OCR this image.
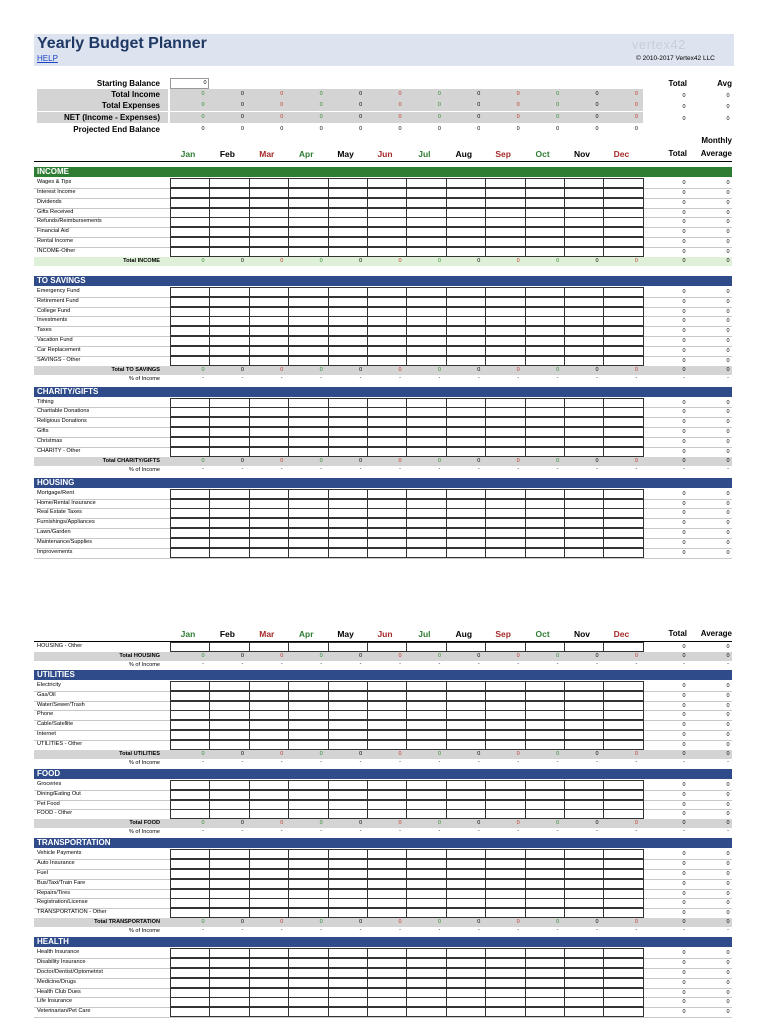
Yearly Budget Planner
HELP
vertex42
© 2010-2017 Vertex42 LLC
Total	Avg
Starting Balance	0
Total Income	0	0	0	0	0	0	0	0	0	0	0	0	0	0
Total Expenses	0	0	0	0	0	0	0	0	0	0	0	0	0	0
NET (Income - Expenses)	0	0	0	0	0	0	0	0	0	0	0	0	0	0
Projected End Balance	0	0	0	0	0	0	0	0	0	0	0	0
Jan	Feb	Mar	Apr	May	Jun	Jul	Aug	Sep	Oct	Nov	Dec	Total
Monthly
Average
INCOME
Wages & Tips	0	0
Interest Income	0	0
Dividends	0	0
Gifts Received	0	0
Refunds/Reimbursements	0	0
Financial Aid	0	0
Rental Income	0	0
INCOME-Other	0	0
Total INCOME	0	0	0	0	0	0	0	0	0	0	0	0	0	0
TO SAVINGS
Emergency Fund	0	0
Retirement Fund	0	0
College Fund	0	0
Investments	0	0
Taxes	0	0
Vacation Fund	0	0
Car Replacement	0	0
SAVINGS - Other	0	0
Total TO SAVINGS	0	0	0	0	0	0	0	0	0	0	0	0	0	0
% of Income	-	-	-	-	-	-	-	-	-	-	-	-	-	-
CHARITY/GIFTS
Tithing	0	0
Charitable Donations	0	0
Religious Donations	0	0
Gifts	0	0
Christmas	0	0
CHARITY - Other	0	0
Total CHARITY/GIFTS	0	0	0	0	0	0	0	0	0	0	0	0	0	0
% of Income	-	-	-	-	-	-	-	-	-	-	-	-	-	-
HOUSING
Mortgage/Rent	0	0
Home/Rental Insurance	0	0
Real Estate Taxes	0	0
Furnishings/Appliances	0	0
Lawn/Garden	0	0
Maintenance/Supplies	0	0
Improvements	0	0
Jan	Feb	Mar	Apr	May	Jun	Jul	Aug	Sep	Oct	Nov	Dec	Total	Average
HOUSING - Other	0	0
Total HOUSING	0	0	0	0	0	0	0	0	0	0	0	0	0	0
% of Income	-	-	-	-	-	-	-	-	-	-	-	-	-	-
UTILITIES
Electricity	0	0
Gas/Oil	0	0
Water/Sewer/Trash	0	0
Phone	0	0
Cable/Satellite	0	0
Internet	0	0
UTILITIES - Other	0	0
Total UTILITIES	0	0	0	0	0	0	0	0	0	0	0	0	0	0
% of Income	-	-	-	-	-	-	-	-	-	-	-	-	-	-
FOOD
Groceries	0	0
Dining/Eating Out	0	0
Pet Food	0	0
FOOD - Other	0	0
Total FOOD	0	0	0	0	0	0	0	0	0	0	0	0	0	0
% of Income	-	-	-	-	-	-	-	-	-	-	-	-	-	-
TRANSPORTATION
Vehicle Payments	0	0
Auto Insurance	0	0
Fuel	0	0
Bus/Taxi/Train Fare	0	0
Repairs/Tires	0	0
Registration/License	0	0
TRANSPORTATION - Other	0	0
Total TRANSPORTATION	0	0	0	0	0	0	0	0	0	0	0	0	0	0
% of Income	-	-	-	-	-	-	-	-	-	-	-	-	-	-
HEALTH
Health Insurance	0	0
Disability Insurance	0	0
Doctor/Dentist/Optometrist	0	0
Medicine/Drugs	0	0
Health Club Dues	0	0
Life Insurance	0	0
Veterinarian/Pet Care	0	0
